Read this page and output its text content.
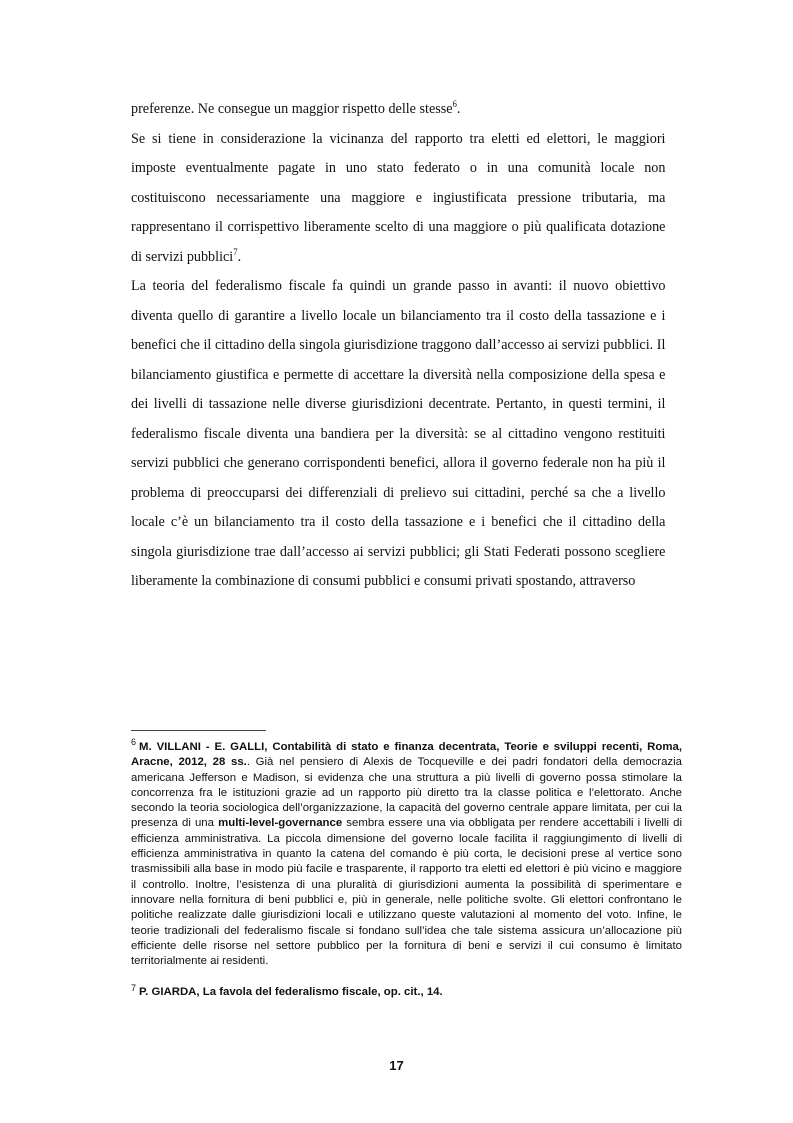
preferenze. Ne consegue un maggior rispetto delle stesse$^6$.

Se si tiene in considerazione la vicinanza del rapporto tra eletti ed elettori, le maggiori imposte eventualmente pagate in uno stato federato o in una comunità locale non costituiscono necessariamente una maggiore e ingiustificata pressione tributaria, ma rappresentano il corrispettivo liberamente scelto di una maggiore o più qualificata dotazione di servizi pubblici$^7$.

La teoria del federalismo fiscale fa quindi un grande passo in avanti: il nuovo obiettivo diventa quello di garantire a livello locale un bilanciamento tra il costo della tassazione e i benefici che il cittadino della singola giurisdizione traggono dall’accesso ai servizi pubblici. Il bilanciamento giustifica e permette di accettare la diversità nella composizione della spesa e dei livelli di tassazione nelle diverse giurisdizioni decentrate. Pertanto, in questi termini, il federalismo fiscale diventa una bandiera per la diversità: se al cittadino vengono restituiti servizi pubblici che generano corrispondenti benefici, allora il governo federale non ha più il problema di preoccuparsi dei differenziali di prelievo sui cittadini, perché sa che a livello locale c’è un bilanciamento tra il costo della tassazione e i benefici che il cittadino della singola giurisdizione trae dall’accesso ai servizi pubblici; gli Stati Federati possono scegliere liberamente la combinazione di consumi pubblici e consumi privati spostando, attraverso

$^6$ M. VILLANI - E. GALLI, Contabilità di stato e finanza decentrata, Teorie e sviluppi recenti, Roma, Aracne, 2012, 28 ss.. Già nel pensiero di Alexis de Tocqueville e dei padri fondatori della democrazia americana Jefferson e Madison, si evidenza che una struttura a più livelli di governo possa stimolare la concorrenza fra le istituzioni grazie ad un rapporto più diretto tra la classe politica e l’elettorato. Anche secondo la teoria sociologica dell’organizzazione, la capacità del governo centrale appare limitata, per cui la presenza di una multi-level-governance sembra essere una via obbligata per rendere accettabili i livelli di efficienza amministrativa. La piccola dimensione del governo locale facilita il raggiungimento di livelli di efficienza amministrativa in quanto la catena del comando è più corta, le decisioni prese al vertice sono trasmissibili alla base in modo più facile e trasparente, il rapporto tra eletti ed elettori è più vicino e maggiore il controllo. Inoltre, l’esistenza di una pluralità di giurisdizioni aumenta la possibilità di sperimentare e innovare nella fornitura di beni pubblici e, più in generale, nelle politiche svolte. Gli elettori confrontano le politiche realizzate dalle giurisdizioni locali e utilizzano queste valutazioni al momento del voto. Infine, le teorie tradizionali del federalismo fiscale si fondano sull’idea che tale sistema assicura un’allocazione più efficiente delle risorse nel settore pubblico per la fornitura di beni e servizi il cui consumo è limitato territorialmente ai residenti.

$^7$ P. GIARDA, La favola del federalismo fiscale, op. cit., 14.

17
